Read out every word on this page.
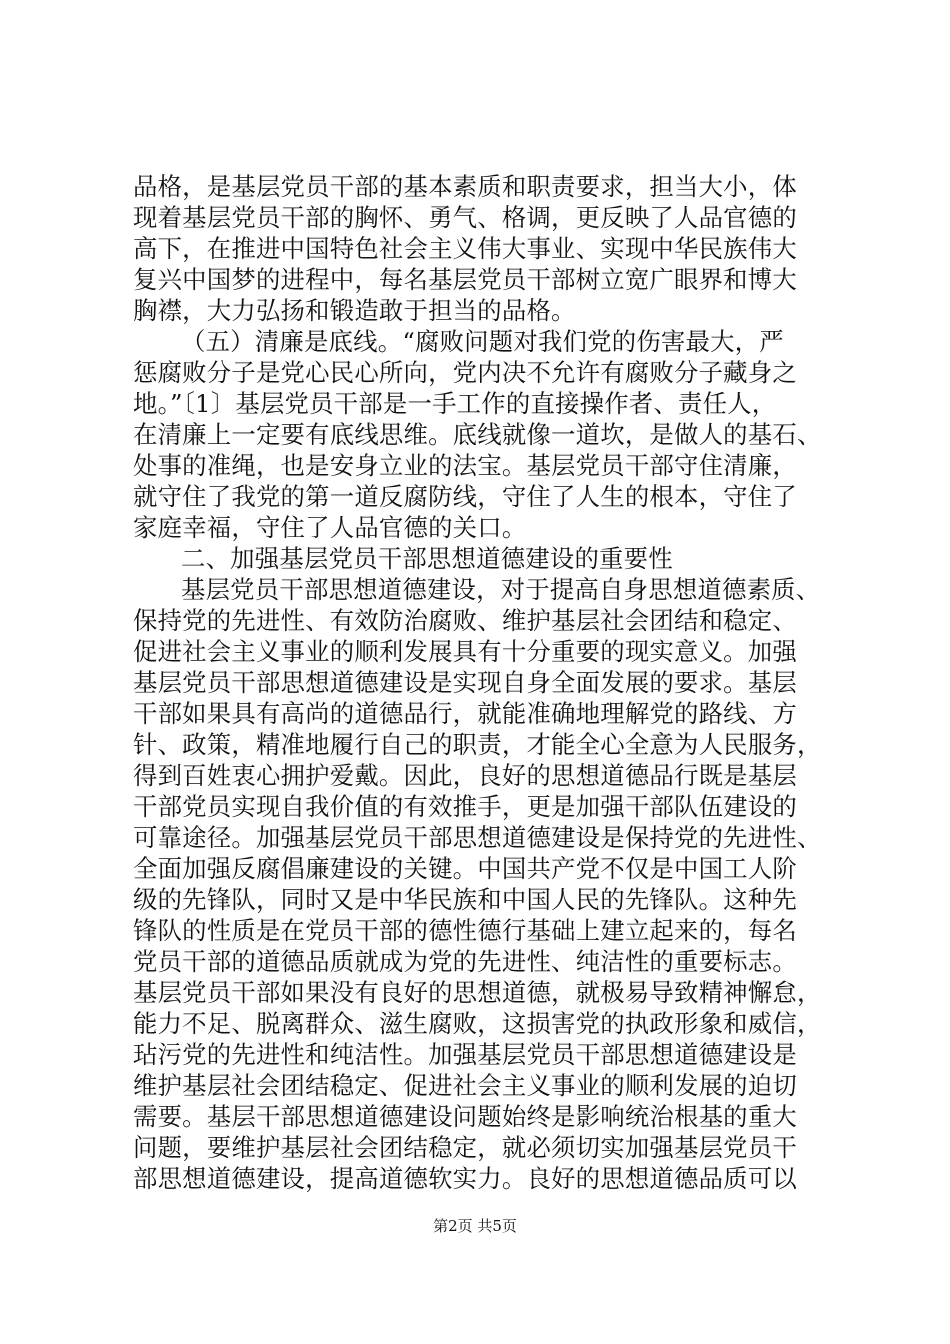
品格，是基层党员干部的基本素质和职责要求，担当大小，体
现着基层党员干部的胸怀、勇气、格调，更反映了人品官德的
高下，在推进中国特色社会主义伟大事业、实现中华民族伟大
复兴中国梦的进程中，每名基层党员干部树立宽广眼界和博大
胸襟，大力弘扬和锻造敢于担当的品格。
（五）清廉是底线。“腐败问题对我们党的伤害最大，严
惩腐败分子是党心民心所向，党内决不允许有腐败分子藏身之
地。”〔1〕基层党员干部是一手工作的直接操作者、责任人，
在清廉上一定要有底线思维。底线就像一道坎，是做人的基石、
处事的准绳，也是安身立业的法宝。基层党员干部守住清廉，
就守住了我党的第一道反腐防线，守住了人生的根本，守住了
家庭幸福，守住了人品官德的关口。
二、加强基层党员干部思想道德建设的重要性
基层党员干部思想道德建设，对于提高自身思想道德素质、
保持党的先进性、有效防治腐败、维护基层社会团结和稳定、
促进社会主义事业的顺利发展具有十分重要的现实意义。加强
基层党员干部思想道德建设是实现自身全面发展的要求。基层
干部如果具有高尚的道德品行，就能准确地理解党的路线、方
针、政策，精准地履行自己的职责，才能全心全意为人民服务，
得到百姓衷心拥护爱戴。因此，良好的思想道德品行既是基层
干部党员实现自我价值的有效推手，更是加强干部队伍建设的
可靠途径。加强基层党员干部思想道德建设是保持党的先进性、
全面加强反腐倡廉建设的关键。中国共产党不仅是中国工人阶
级的先锋队，同时又是中华民族和中国人民的先锋队。这种先
锋队的性质是在党员干部的德性德行基础上建立起来的，每名
党员干部的道德品质就成为党的先进性、纯洁性的重要标志。
基层党员干部如果没有良好的思想道德，就极易导致精神懈怠，
能力不足、脱离群众、滋生腐败，这损害党的执政形象和威信，
玷污党的先进性和纯洁性。加强基层党员干部思想道德建设是
维护基层社会团结稳定、促进社会主义事业的顺利发展的迫切
需要。基层干部思想道德建设问题始终是影响统治根基的重大
问题，要维护基层社会团结稳定，就必须切实加强基层党员干
部思想道德建设，提高道德软实力。良好的思想道德品质可以
第2页 共5页
